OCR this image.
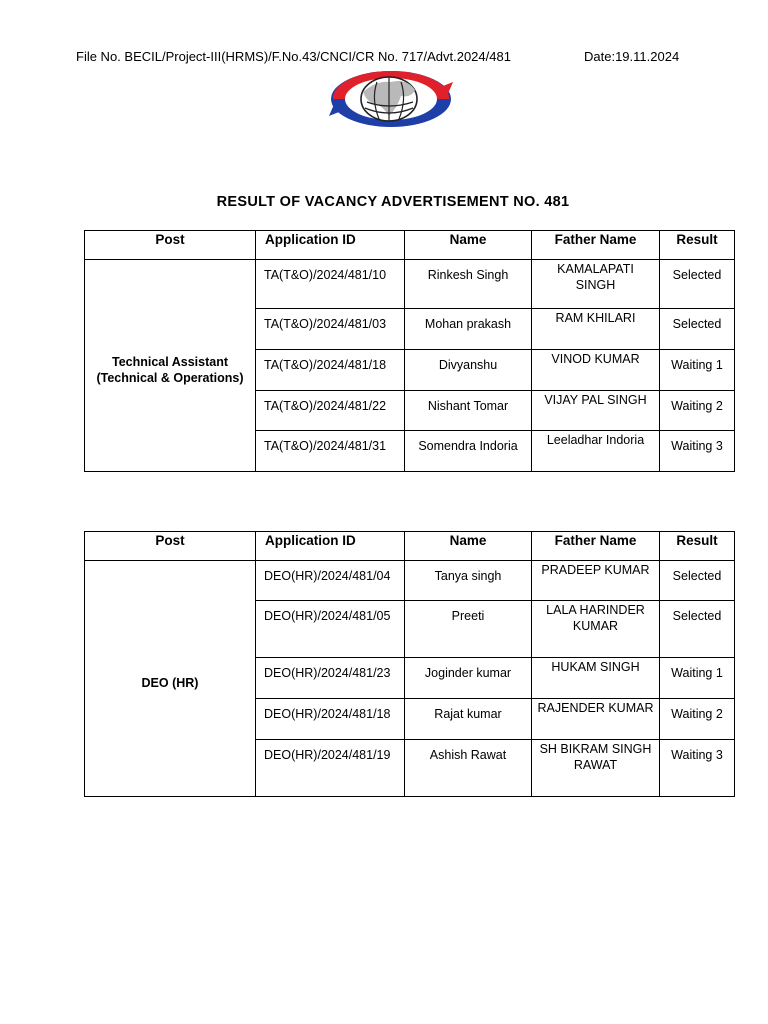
File No. BECIL/Project-III(HRMS)/F.No.43/CNCI/CR No. 717/Advt.2024/481	Date:19.11.2024
RESULT OF VACANCY ADVERTISEMENT NO. 481
Post	Application ID	Name	Father Name	Result
Technical Assistant (Technical & Operations)	TA(T&O)/2024/481/10	Rinkesh Singh	KAMALAPATI SINGH	Selected
	TA(T&O)/2024/481/03	Mohan prakash	RAM KHILARI	Selected
	TA(T&O)/2024/481/18	Divyanshu	VINOD KUMAR	Waiting 1
	TA(T&O)/2024/481/22	Nishant Tomar	VIJAY PAL SINGH	Waiting 2
	TA(T&O)/2024/481/31	Somendra Indoria	Leeladhar Indoria	Waiting 3
Post	Application ID	Name	Father Name	Result
DEO (HR)	DEO(HR)/2024/481/04	Tanya singh	PRADEEP KUMAR	Selected
	DEO(HR)/2024/481/05	Preeti	LALA HARINDER KUMAR	Selected
	DEO(HR)/2024/481/23	Joginder kumar	HUKAM SINGH	Waiting 1
	DEO(HR)/2024/481/18	Rajat kumar	RAJENDER KUMAR	Waiting 2
	DEO(HR)/2024/481/19	Ashish Rawat	SH BIKRAM SINGH RAWAT	Waiting 3
